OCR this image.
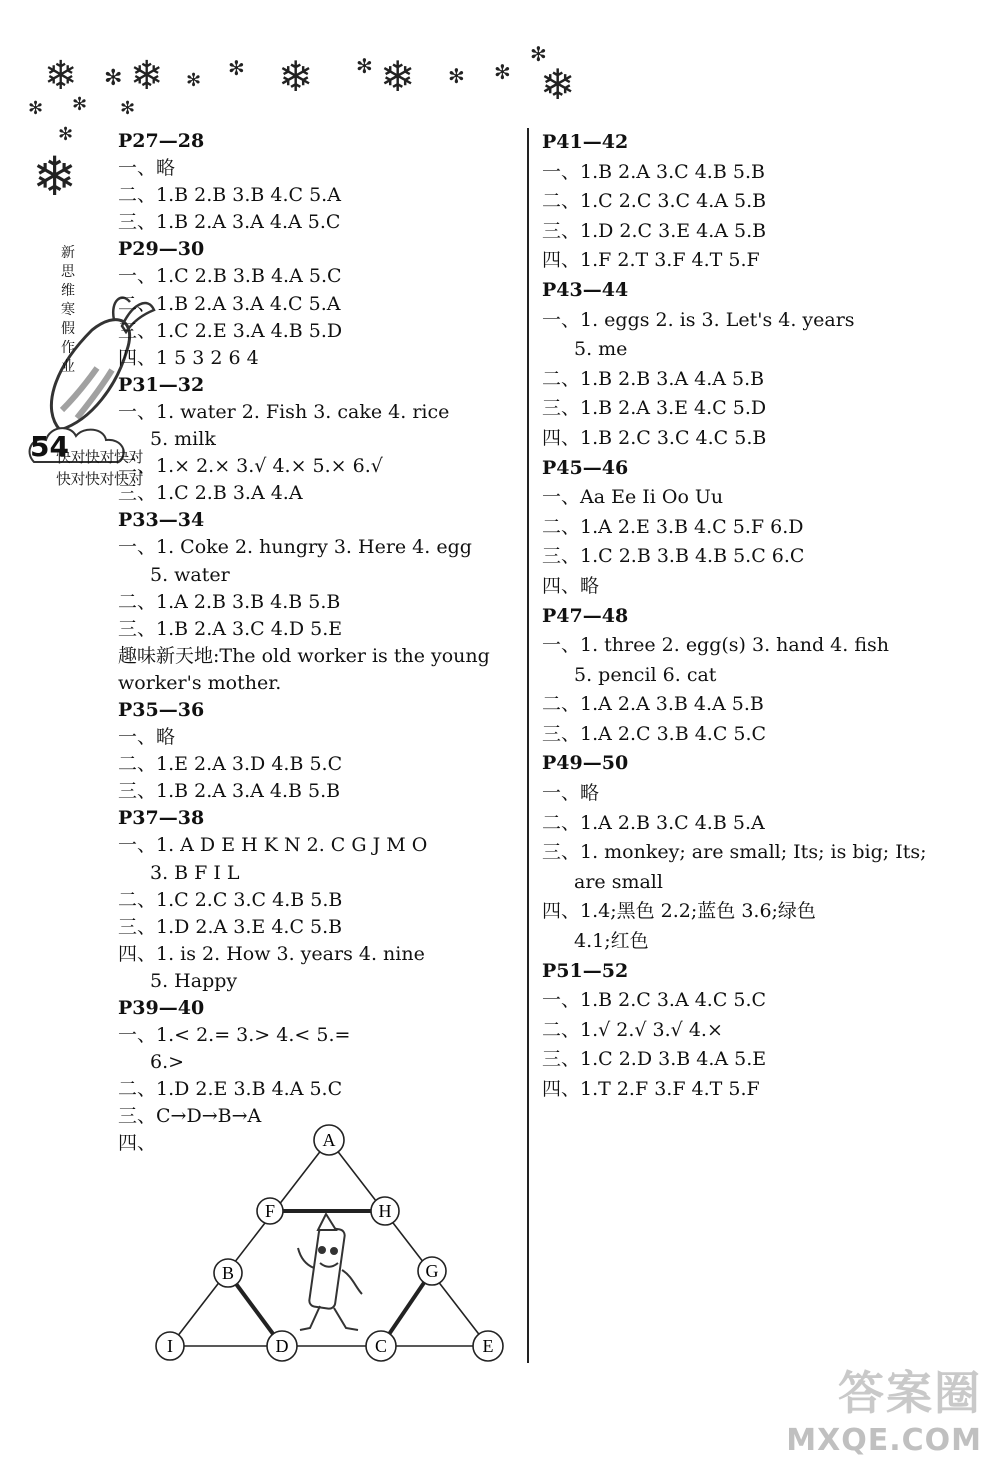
❄ ✻ ❄ ✻
✻ ❄ ✻ ❄ ✻ ✻
✻
❄
✻ ✻ ✻
✻
❄
新
思
维
寒
假
作
业
54
快对快对快对
快对快对快对
P27—28
一、略
二、1.B 2.B 3.B 4.C 5.A
三、1.B 2.A 3.A 4.A 5.C
P29—30
一、1.C 2.B 3.B 4.A 5.C
二、1.B 2.A 3.A 4.C 5.A
三、1.C 2.E 3.A 4.B 5.D
四、1 5 3 2 6 4
P31—32
一、1. water 2. Fish 3. cake 4. rice
5. milk
二、1.× 2.× 3.√ 4.× 5.× 6.√
三、1.C 2.B 3.A 4.A
P33—34
一、1. Coke 2. hungry 3. Here 4. egg
5. water
二、1.A 2.B 3.B 4.B 5.B
三、1.B 2.A 3.C 4.D 5.E
趣味新天地:The old worker is the young
worker's mother.
P35—36
一、略
二、1.E 2.A 3.D 4.B 5.C
三、1.B 2.A 3.A 4.B 5.B
P37—38
一、1. A D E H K N 2. C G J M O
3. B F I L
二、1.C 2.C 3.C 4.B 5.B
三、1.D 2.A 3.E 4.C 5.B
四、1. is 2. How 3. years 4. nine
5. Happy
P39—40
一、1.< 2.= 3.> 4.< 5.=
6.>
二、1.D 2.E 3.B 4.A 5.C
三、C→D→B→A
四、
P41—42
一、1.B 2.A 3.C 4.B 5.B
二、1.C 2.C 3.C 4.A 5.B
三、1.D 2.C 3.E 4.A 5.B
四、1.F 2.T 3.F 4.T 5.F
P43—44
一、1. eggs 2. is 3. Let's 4. years
5. me
二、1.B 2.B 3.A 4.A 5.B
三、1.B 2.A 3.E 4.C 5.D
四、1.B 2.C 3.C 4.C 5.B
P45—46
一、Aa Ee Ii Oo Uu
二、1.A 2.E 3.B 4.C 5.F 6.D
三、1.C 2.B 3.B 4.B 5.C 6.C
四、略
P47—48
一、1. three 2. egg(s) 3. hand 4. fish
5. pencil 6. cat
二、1.A 2.A 3.B 4.A 5.B
三、1.A 2.C 3.B 4.C 5.C
P49—50
一、略
二、1.A 2.B 3.C 4.B 5.A
三、1. monkey; are small; Its; is big; Its;
are small
四、1.4;黑色 2.2;蓝色 3.6;绿色
4.1;红色
P51—52
一、1.B 2.C 3.A 4.C 5.C
二、1.√ 2.√ 3.√ 4.×
三、1.C 2.D 3.B 4.A 5.E
四、1.T 2.F 3.F 4.T 5.F
A
F	H
B	G
I	D	C	E
答案圈
MXQE.COM
